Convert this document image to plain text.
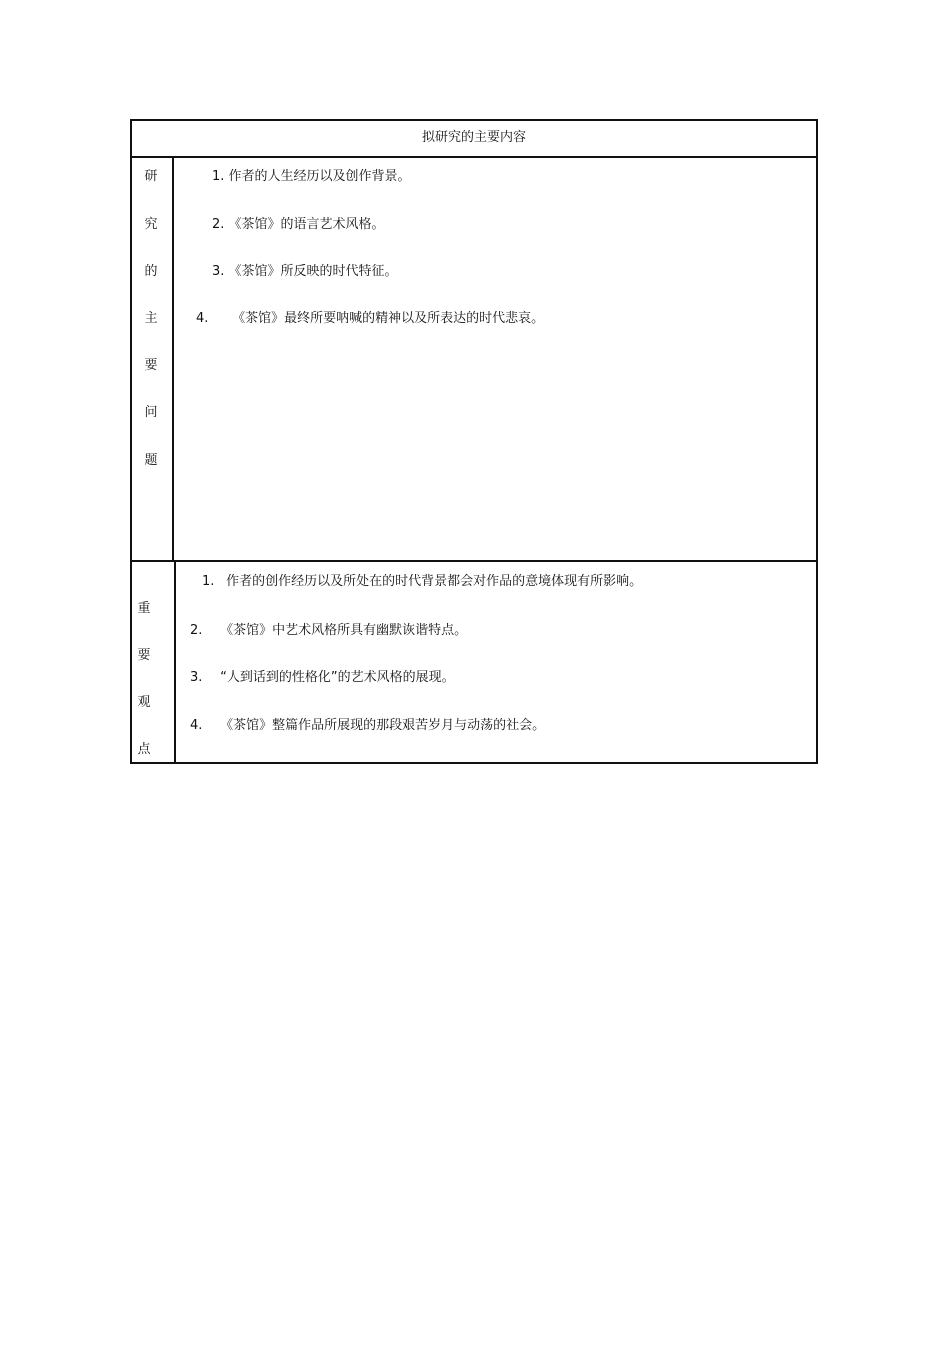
拟研究的主要内容
研
究
的
主
要
问
题
1. 作者的人生经历以及创作背景。
2. 《茶馆》的语言艺术风格。
3. 《茶馆》所反映的时代特征。
4. 《茶馆》最终所要呐喊的精神以及所表达的时代悲哀。
重
要
观
点
1. 作者的创作经历以及所处在的时代背景都会对作品的意境体现有所影响。
2. 《茶馆》中艺术风格所具有幽默诙谐特点。
3. “人到话到的性格化”的艺术风格的展现。
4. 《茶馆》整篇作品所展现的那段艰苦岁月与动荡的社会。
